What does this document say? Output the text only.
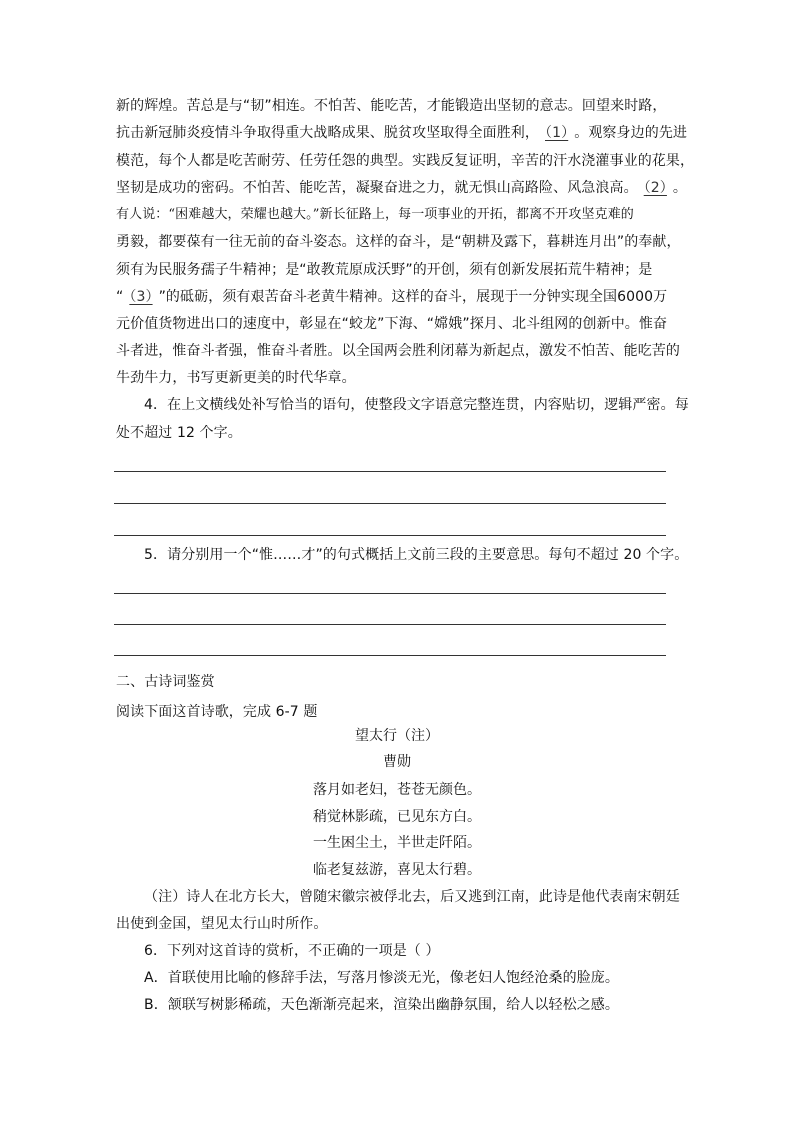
新的辉煌。苦总是与“韧”相连。不怕苦、能吃苦，才能锻造出坚韧的意志。回望来时路，
抗击新冠肺炎疫情斗争取得重大战略成果、脱贫攻坚取得全面胜利， （1） 。观察身边的先进
模范，每个人都是吃苦耐劳、任劳任怨的典型。实践反复证明，辛苦的汗水浇灌事业的花果，
坚韧是成功的密码。不怕苦、能吃苦，凝聚奋进之力，就无惧山高路险、风急浪高。 （2） 。
有人说：“困难越大，荣耀也越大。”新长征路上，每一项事业的开拓，都离不开攻坚克难的
勇毅，都要葆有一往无前的奋斗姿态。这样的奋斗，是“朝耕及露下，暮耕连月出”的奉献，
须有为民服务孺子牛精神；是“敢教荒原成沃野”的开创，须有创新发展拓荒牛精神；是
“ （3） ”的砥砺，须有艰苦奋斗老黄牛精神。这样的奋斗，展现于一分钟实现全国6000万
元价值货物进出口的速度中，彰显在“蛟龙”下海、“嫦娥”探月、北斗组网的创新中。惟奋
斗者进，惟奋斗者强，惟奋斗者胜。以全国两会胜利闭幕为新起点，激发不怕苦、能吃苦的
牛劲牛力，书写更新更美的时代华章。
4．在上文横线处补写恰当的语句，使整段文字语意完整连贯，内容贴切，逻辑严密。每
处不超过 12 个字。
5．请分别用一个“惟……才”的句式概括上文前三段的主要意思。每句不超过 20 个字。
二、古诗词鉴赏
阅读下面这首诗歌，完成 6-7 题
望太行（注）
曹勋
落月如老妇，苍苍无颜色。
稍觉林影疏，已见东方白。
一生困尘土，半世走阡陌。
临老复兹游，喜见太行碧。
（注）诗人在北方长大，曾随宋徽宗被俘北去，后又逃到江南，此诗是他代表南宋朝廷
出使到金国，望见太行山时所作。
6．下列对这首诗的赏析，不正确的一项是（ ）
A．首联使用比喻的修辞手法，写落月惨淡无光，像老妇人饱经沧桑的脸庞。
B．颔联写树影稀疏，天色渐渐亮起来，渲染出幽静氛围，给人以轻松之感。
